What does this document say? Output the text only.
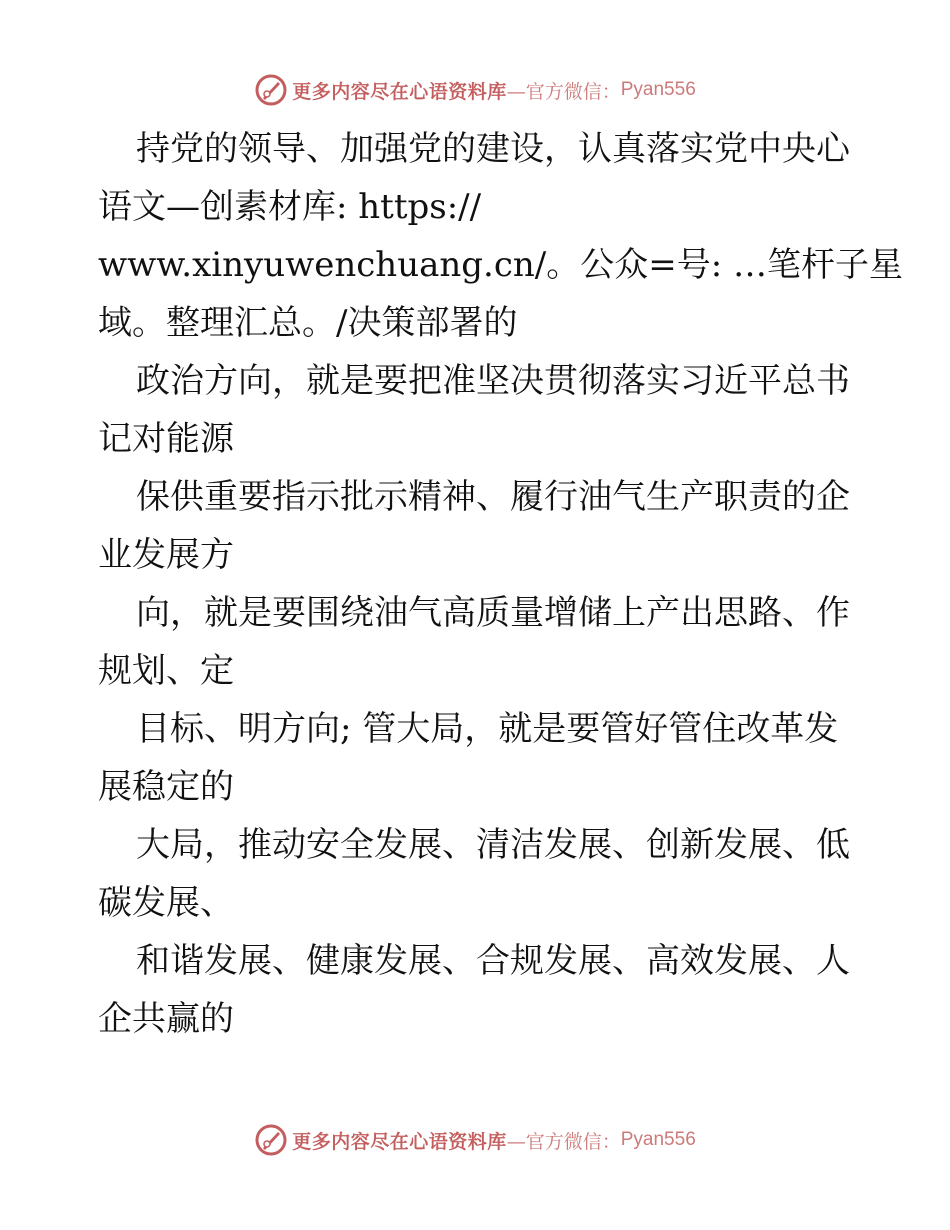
更多内容尽在心语资料库 —官方微信： Pyan556
持党的领导、加强党的建设，认真落实党中央心
语文—创素材库: https://
www.xinyuwenchuang.cn/。公众=号: …笔杆子星
域。整理汇总。/决策部署的
政治方向，就是要把准坚决贯彻落实习近平总书
记对能源
保供重要指示批示精神、履行油气生产职责的企
业发展方
向，就是要围绕油气高质量增储上产出思路、作
规划、定
目标、明方向; 管大局，就是要管好管住改革发
展稳定的
大局，推动安全发展、清洁发展、创新发展、低
碳发展、
和谐发展、健康发展、合规发展、高效发展、人
企共赢的
更多内容尽在心语资料库 —官方微信： Pyan556
